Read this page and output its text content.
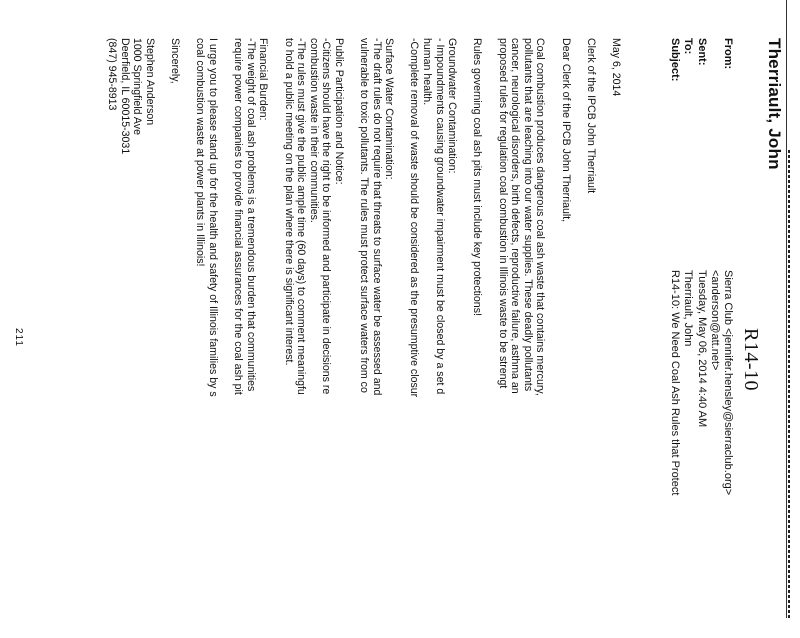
Therriault, John
R14-10
From:
Sent:
To:
Subject:
Sierra Club <jennifer.hensley@sierraclub.org>
<anderson@att.net>
Tuesday, May 06, 2014 4:40 AM
Therriault, John
R14-10: We Need Coal Ash Rules that Protect

May 6, 2014

Clerk of the IPCB John Therriault

Dear Clerk of the IPCB John Therriault,

Coal combustion produces dangerous coal ash waste that contains mercury,
pollutants that are leaching into our water supplies. These deadly pollutants
cancer, neurological disorders, birth defects, reproductive failure, asthma an
proposed rules for regulation coal combustion in Illinois waste to be strengt

Rules governing coal ash pits must include key protections!

Groundwater Contamination:
- Impoundments causing groundwater impairment must be closed by a set d
human health.
-Complete removal of waste should be considered as the presumptive closur

Surface Water Contamination:
-The draft rules do not require that threats to surface water be assessed and
vulnerable to toxic pollutants. The rules must protect surface waters from co

Public Participation and Notice:
-Citizens should have the right to be informed and participate in decisions re
combustion waste in their communities.
-The rules must give the public ample time (60 days) to comment meaningfu
to hold a public meeting on the plan where there is significant interest.

Financial Burden:
-The weight of coal ash problems is a tremendous burden that communities
require power companies to provide financial assurances for the coal ash pit

I urge you to please stand up for the health and safety of Illinois families by s
coal combustion waste at power plants in Illinois!

Sincerely,

Stephen Anderson
1000 Springfield Ave
Deerfield, IL 60015-3031
(847) 945-8913

211
